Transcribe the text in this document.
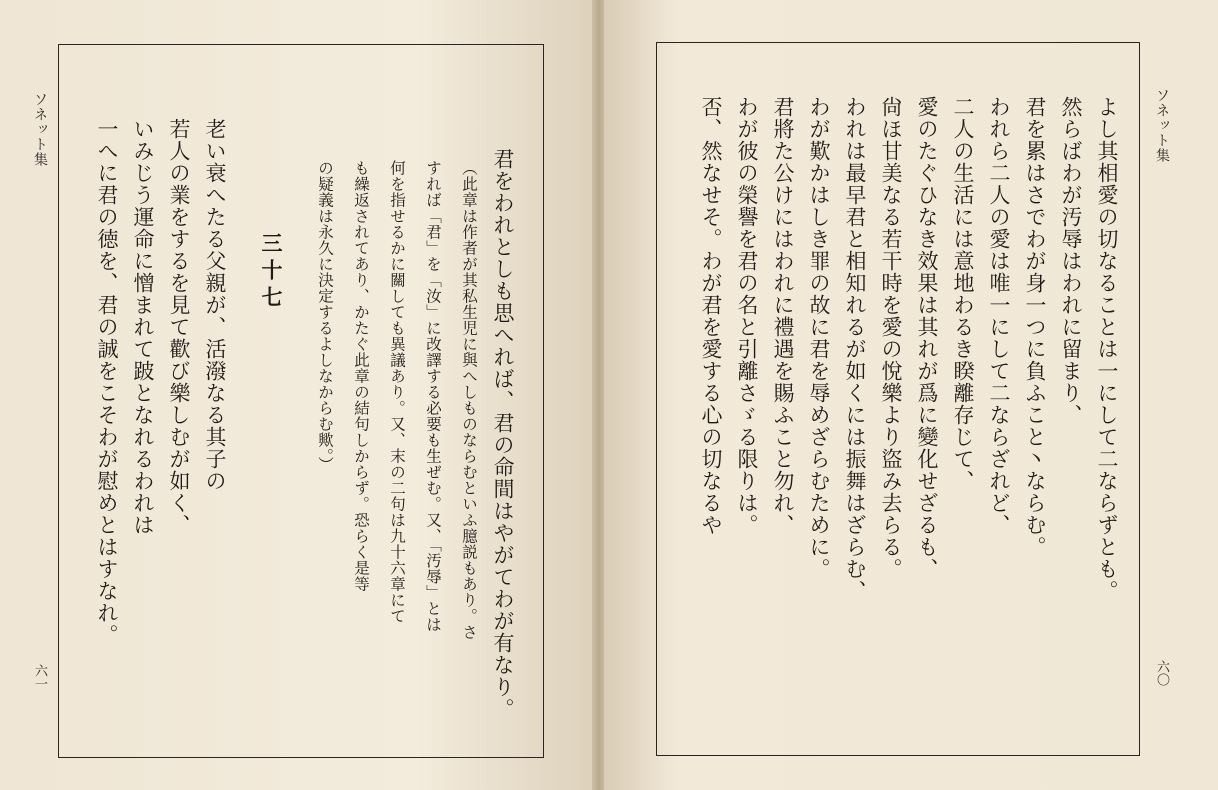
ソネット集
六一	君をわれとしも思へれば、君の命間はやがてわが有なり。
（此章は作者が其私生児に與へしものならむといふ臆説もあり。さ
すれば「君」を「汝」に改譯する必要も生ぜむ。又、「汚辱」とは
何を指せるかに關しても異議あり。又、末の二句は九十六章にて
も繰返されてあり、かたぐ此章の結句しからず。恐らく是等
の疑義は永久に決定するよしなからむ歟。）
三十七
老い衰へたる父親が、活潑なる其子の
若人の業をするを見て歡び樂しむが如く、
いみじう運命に憎まれて跛となれるわれは
一へに君の徳を、君の誠をこそわが慰めとはすなれ。	ソネット集
六〇
よし其相愛の切なることは一にして二ならずとも。
然らばわが汚辱はわれに留まり、
君を累はさでわが身一つに負ふこと丶ならむ。
われら二人の愛は唯一にして二ならざれど、
二人の生活には意地わるき睽離存じて、
愛のたぐひなき效果は其れが爲に變化せざるも、
尙ほ甘美なる若干時を愛の悅樂より盜み去らる。
われは最早君と相知れるが如くには振舞はざらむ、
わが歎かはしき罪の故に君を辱めざらむために。
君將た公けにはわれに禮遇を賜ふこと勿れ、
わが彼の榮譽を君の名と引離さゞる限りは。
否、然なせそ。わが君を愛する心の切なるや
